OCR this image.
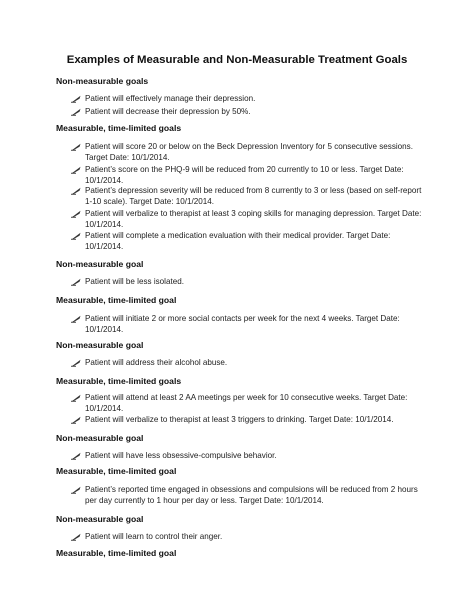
Examples of Measurable and Non-Measurable Treatment Goals
Non-measurable goals
Patient will effectively manage their depression.
Patient will decrease their depression by 50%.
Measurable, time-limited goals
Patient will score 20 or below on the Beck Depression Inventory for 5 consecutive sessions. Target Date: 10/1/2014.
Patient’s score on the PHQ-9 will be reduced from 20 currently to 10 or less. Target Date: 10/1/2014.
Patient’s depression severity will be reduced from 8 currently to 3 or less (based on self-report 1-10 scale). Target Date: 10/1/2014.
Patient will verbalize to therapist at least 3 coping skills for managing depression. Target Date: 10/1/2014.
Patient will complete a medication evaluation with their medical provider. Target Date: 10/1/2014.
Non-measurable goal
Patient will be less isolated.
Measurable, time-limited goal
Patient will initiate 2 or more social contacts per week for the next 4 weeks. Target Date: 10/1/2014.
Non-measurable goal
Patient will address their alcohol abuse.
Measurable, time-limited goals
Patient will attend at least 2 AA meetings per week for 10 consecutive weeks. Target Date: 10/1/2014.
Patient will verbalize to therapist at least 3 triggers to drinking. Target Date: 10/1/2014.
Non-measurable goal
Patient will have less obsessive-compulsive behavior.
Measurable, time-limited goal
Patient’s reported time engaged in obsessions and compulsions will be reduced from 2 hours per day currently to 1 hour per day or less. Target Date: 10/1/2014.
Non-measurable goal
Patient will learn to control their anger.
Measurable, time-limited goal
